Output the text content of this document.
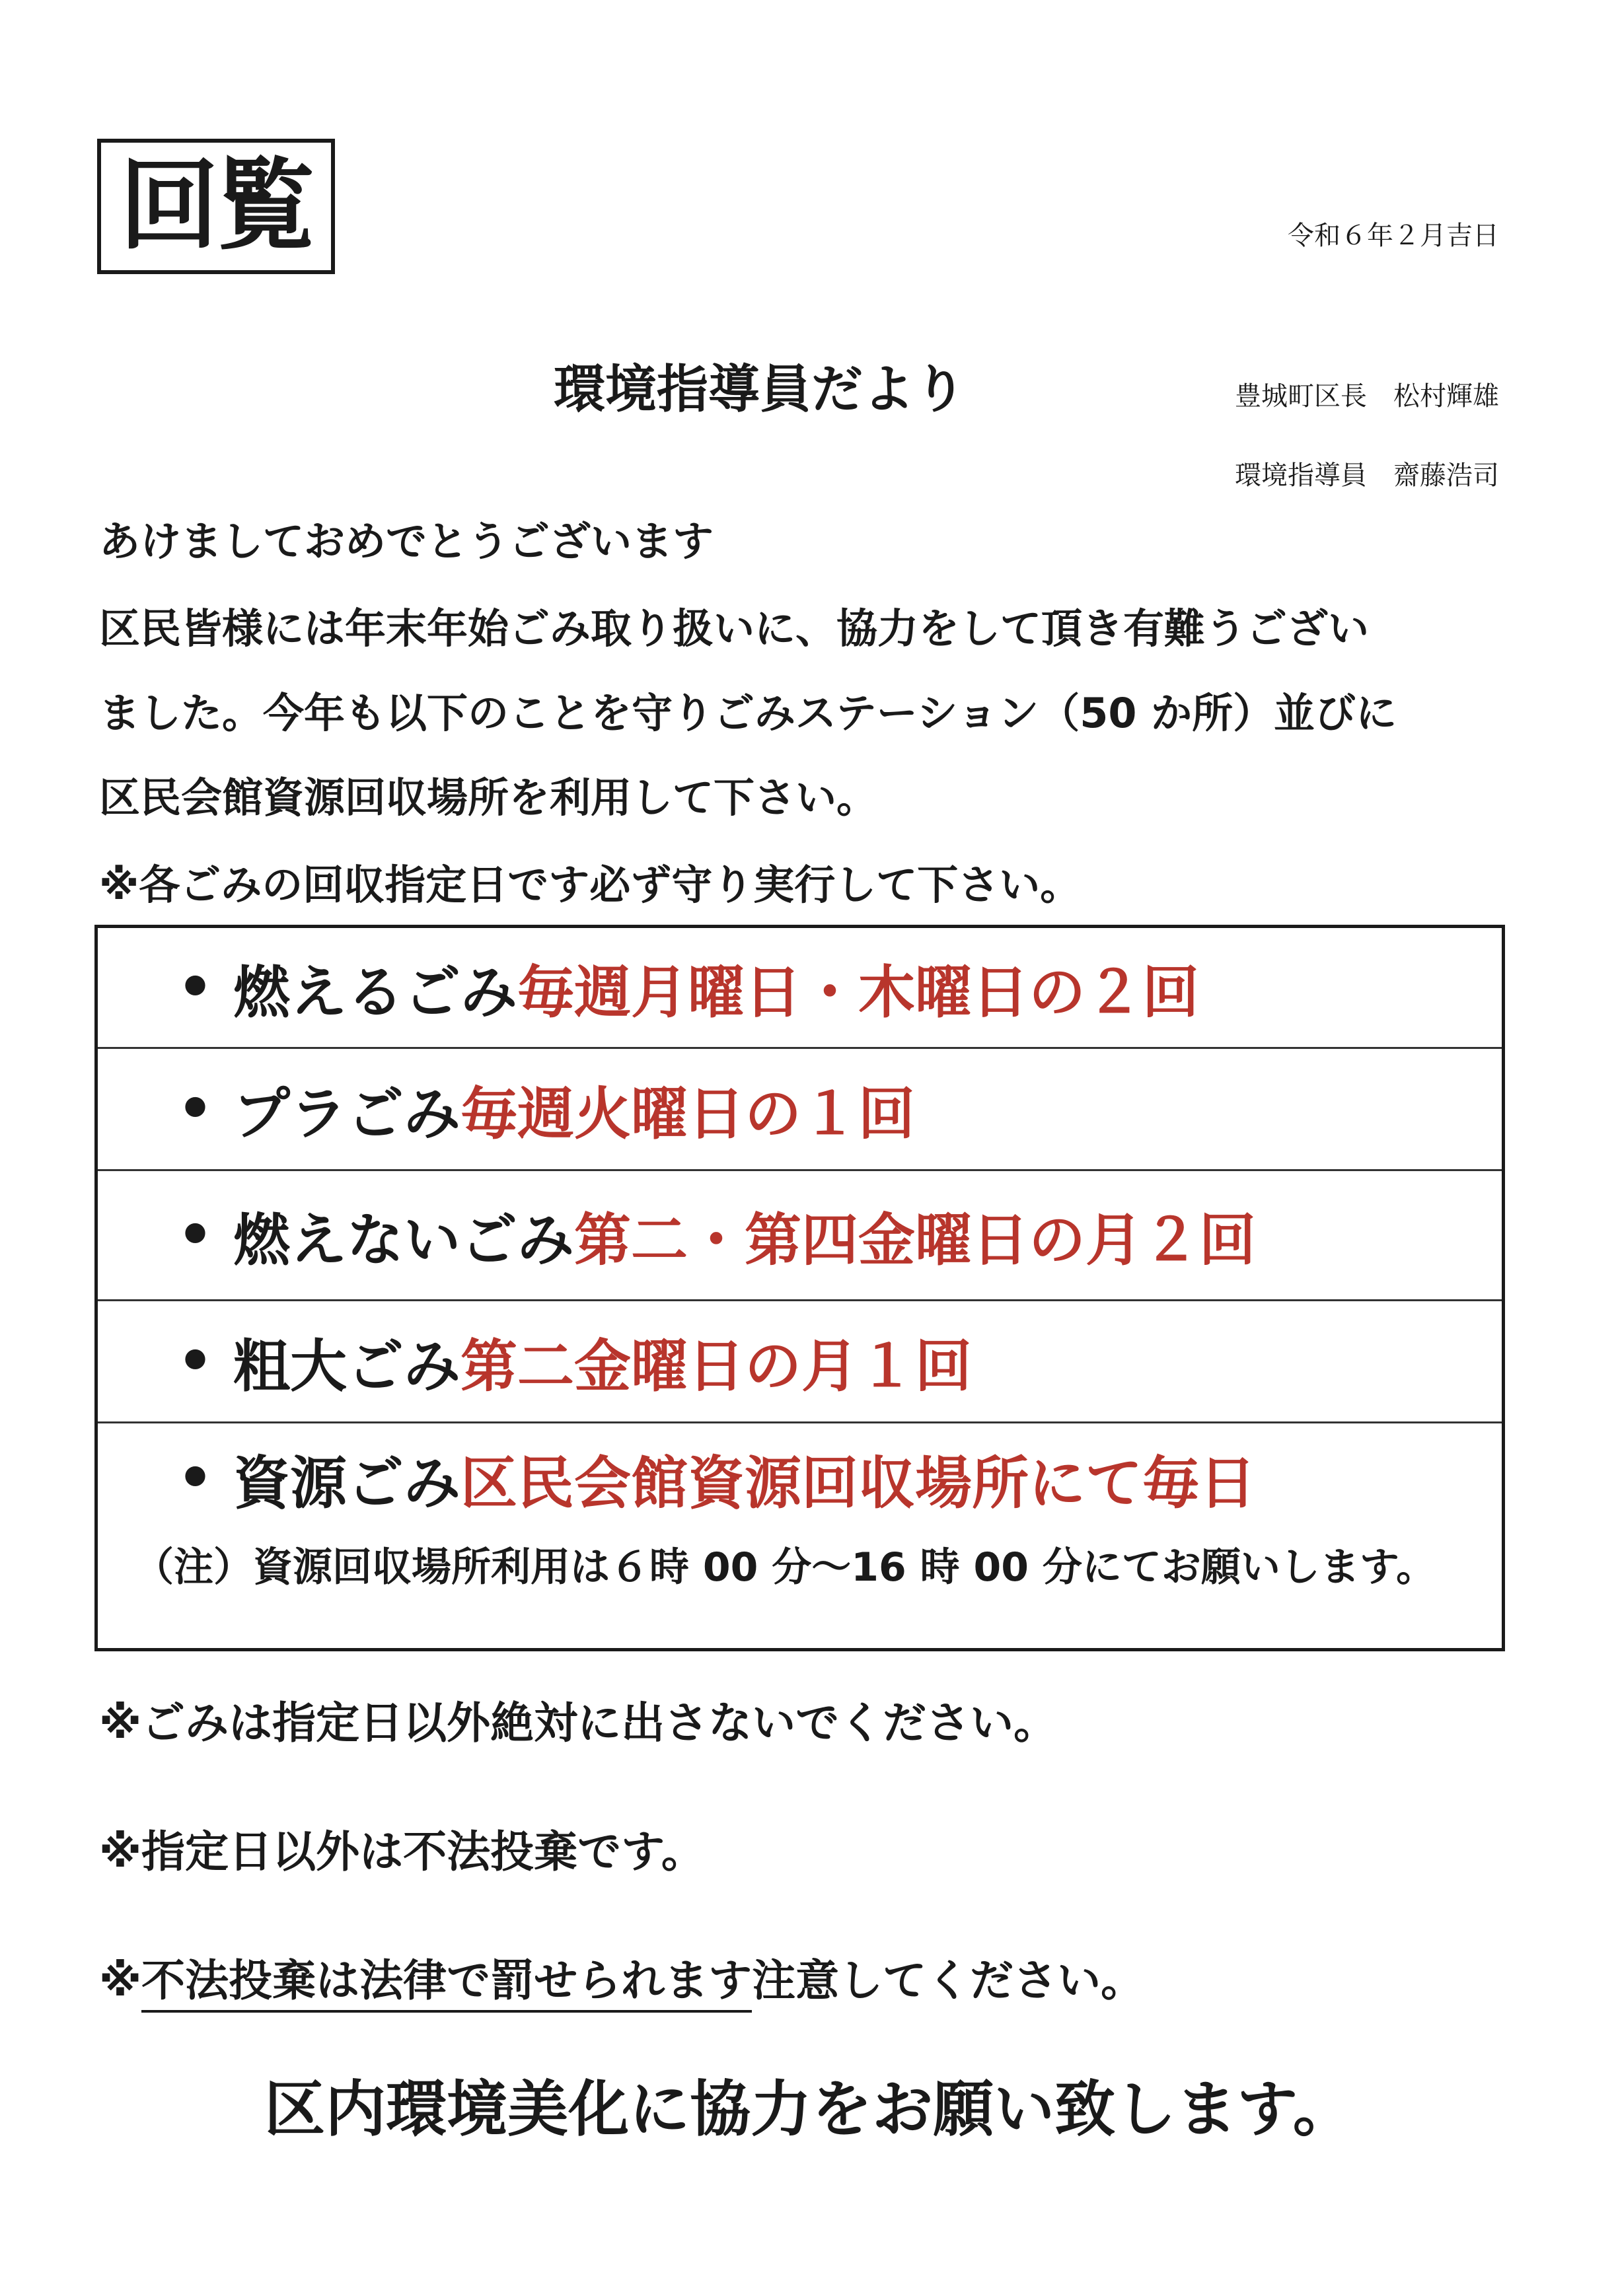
回覧	令和６年２月吉日
環境指導員だより	豊城町区長　松村輝雄
環境指導員　齋藤浩司
あけましておめでとうございます
区民皆様には年末年始ごみ取り扱いに、協力をして頂き有難うござい
ました。今年も以下のことを守りごみステーション（50 か所）並びに
区民会館資源回収場所を利用して下さい。
※各ごみの回収指定日です必ず守り実行して下さい。
• 燃えるごみ 毎週月曜日・木曜日の２回
• プラごみ 毎週火曜日の１回
• 燃えないごみ 第二・第四金曜日の月２回
• 粗大ごみ 第二金曜日の月１回
• 資源ごみ 区民会館資源回収場所にて毎日
（注）資源回収場所利用は６時 00 分～16 時 00 分にてお願いします。
※ごみは指定日以外絶対に出さないでください。
※指定日以外は不法投棄です。
※不法投棄は法律で罰せられます注意してください。
区内環境美化に協力をお願い致します。
